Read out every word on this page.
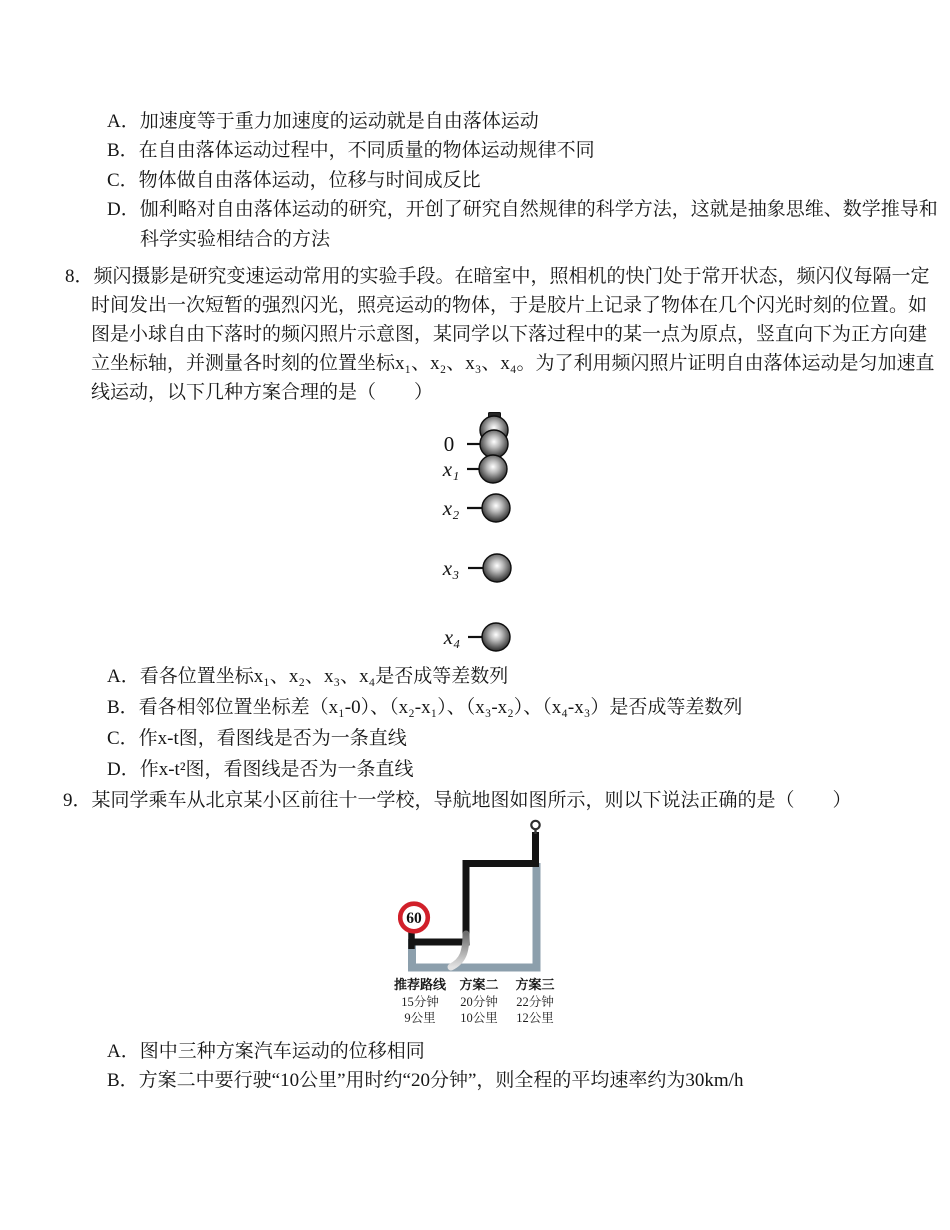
A．加速度等于重力加速度的运动就是自由落体运动
B．在自由落体运动过程中，不同质量的物体运动规律不同
C．物体做自由落体运动，位移与时间成反比
D．伽利略对自由落体运动的研究，开创了研究自然规律的科学方法，这就是抽象思维、数学推导和
科学实验相结合的方法
8．频闪摄影是研究变速运动常用的实验手段。在暗室中，照相机的快门处于常开状态，频闪仪每隔一定
时间发出一次短暂的强烈闪光，照亮运动的物体，于是胶片上记录了物体在几个闪光时刻的位置。如
图是小球自由下落时的频闪照片示意图，某同学以下落过程中的某一点为原点，竖直向下为正方向建
立坐标轴，并测量各时刻的位置坐标x₁、x₂、x₃、x₄。为了利用频闪照片证明自由落体运动是匀加速直
线运动，以下几种方案合理的是（　　）
0
x₁
x₂
x₃
x₄
A．看各位置坐标x₁、x₂、x₃、x₄是否成等差数列
B．看各相邻位置坐标差（x₁-0）、（x₂-x₁）、（x₃-x₂）、（x₄-x₃）是否成等差数列
C．作x-t图，看图线是否为一条直线
D．作x-t²图，看图线是否为一条直线
9．某同学乘车从北京某小区前往十一学校，导航地图如图所示，则以下说法正确的是（　　）
60
推荐路线
15分钟
9公里
方案二
20分钟
10公里
方案三
22分钟
12公里
A．图中三种方案汽车运动的位移相同
B．方案二中要行驶“10公里”用时约“20分钟”，则全程的平均速率约为30km/h
